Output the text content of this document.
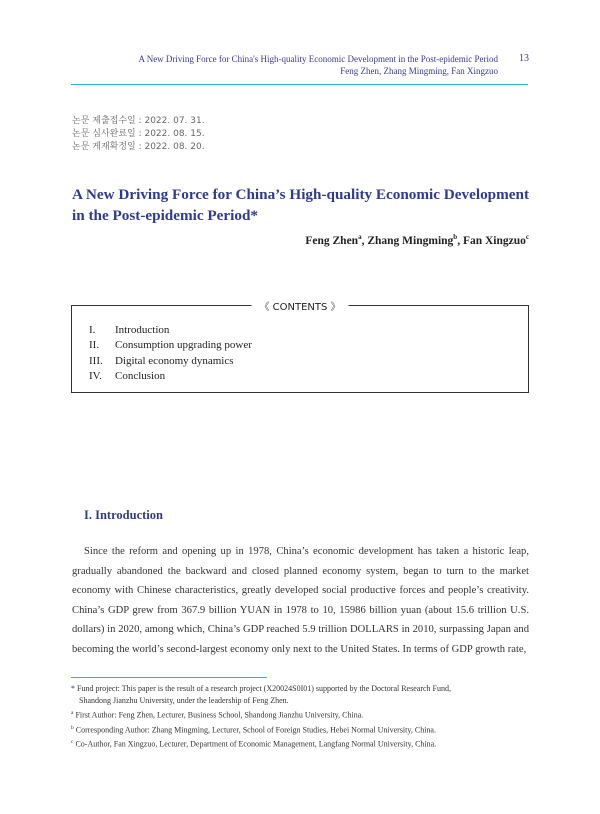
A New Driving Force for China's High-quality Economic Development in the Post-epidemic Period
Feng Zhen, Zhang Mingming, Fan Xingzuo
13
논문 제출접수일 : 2022. 07. 31.
논문 심사완료일 : 2022. 08. 15.
논문 게재확정일 : 2022. 08. 20.
A New Driving Force for China’s High-quality Economic Development
in the Post-epidemic Period*
Feng Zhen$^a$, Zhang Mingming$^b$, Fan Xingzuo$^c$
《 CONTENTS 》
I. Introduction
II. Consumption upgrading power
III. Digital economy dynamics
IV. Conclusion
I. Introduction

Since the reform and opening up in 1978, China’s economic development has taken a historic leap, gradually abandoned the backward and closed planned economy system, began to turn to the market economy with Chinese characteristics, greatly developed social productive forces and people’s creativity. China’s GDP grew from 367.9 billion YUAN in 1978 to 10, 15986 billion yuan (about 15.6 trillion U.S. dollars) in 2020, among which, China’s GDP reached 5.9 trillion DOLLARS in 2010, surpassing Japan and becoming the world’s second-largest economy only next to the United States. In terms of GDP growth rate,

* Fund project: This paper is the result of a research project (X20024S0I01) supported by the Doctoral Research Fund,
Shandong Jianzhu University, under the leadership of Feng Zhen.
$^a$ First Author: Feng Zhen, Lecturer, Business School, Shandong Jianzhu University, China.
$^b$ Corresponding Author: Zhang Mingming, Lecturer, School of Foreign Studies, Hebei Normal University, China.
$^c$ Co-Author, Fan Xingzuo, Lecturer, Department of Economic Management, Langfang Normal University, China.
